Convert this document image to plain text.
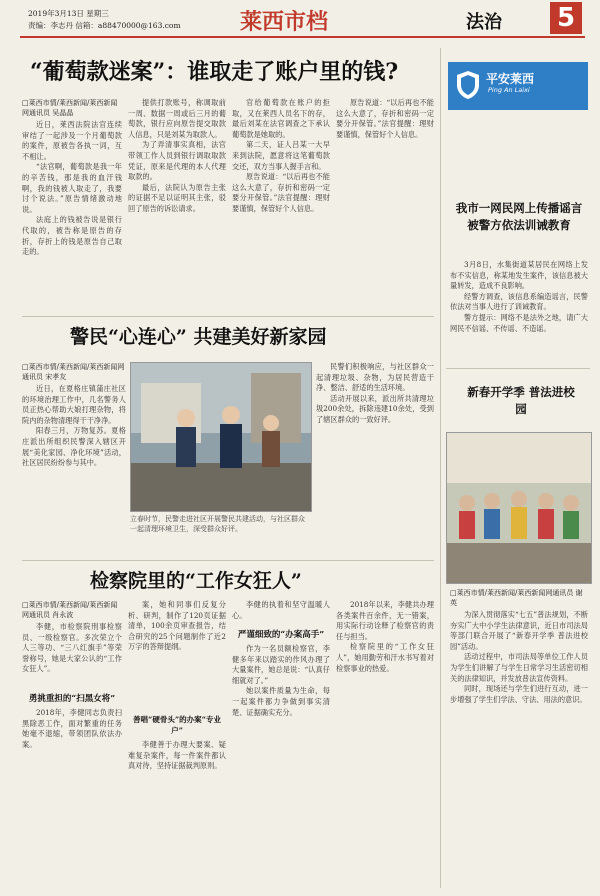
2019年3月13日 星期三
责编：李志丹 信箱：a88470000@163.com	莱西市档	法治 5
“葡萄款迷案”：谁取走了账户里的钱?
□莱西市情/莱西新闻/莱西新闻网通讯员 吴晶晶

近日，莱西法院法官连续审结了一起涉及一个月葡萄款的案件，原被告各执一词，互不相让。

“法官啊，葡萄款是我一年的辛苦钱，那是我的血汗钱啊，我的钱被人取走了，我要讨个说法。”原告情绪激动地说。

法庭上的钱被告说是银行代取的，被告称是原告的存折，存折上的钱是原告自己取走的。

提供打款账号，称调取前一周、数据一周或后三月的葡萄款，银行应向原告提交取款人信息，只是刘某为取款人。

为了弄清事实真相，法官带领工作人员到银行调取取款凭证，原来是代理的本人代理取款的。

最后，法院认为原告主张的证据不足以证明其主张，驳回了原告的诉讼请求。

官给葡萄款在账户的拒取，又在莱西人员名下的存，最后刘某在法官调查之下承认葡萄款是她取的。

第二天，证人吕某一大早来到法院，愿意将这笔葡萄款交还，双方当事人握手言和。

原告说道：“以后再也不能这么大意了，存折和密码一定要分开保管。”法官提醒：理财要谨慎，保管好个人信息。

原告说道：“以后再也不能这么大意了，存折和密码一定要分开保管。”法官提醒：理财要谨慎，保管好个人信息。

警民“心连心” 共建美好新家园
□莱西市情/莱西新闻/莱西新闻网通讯员 宋孝友

近日，在夏格庄镇蒲庄社区的环境治理工作中，几名警务人员正热心帮助大娘打理杂物，将院内的杂物清理得干干净净。

阳春三月，万物复苏。夏格庄派出所组织民警深入辖区开展“美化家园、净化环境”活动，社区居民纷纷参与其中。

立春时节，民警走进社区开展警民共建活动，与社区群众一起清理环境卫生，深受群众好评。

民警们积极响应，与社区群众一起清理垃圾、杂物，为居民营造干净、整洁、舒适的生活环境。

活动开展以来，派出所共清理垃圾200余处，拆除违建10余处，受到了辖区群众的一致好评。

检察院里的“工作女狂人”
□莱西市情/莱西新闻/莱西新闻网通讯员 肖永波

李健，市检察院刑事检察员、一级检察官。多次荣立个人三等功、“三八红旗手”等荣誉称号，她是大家公认的“工作女狂人”。

勇挑重担的“扫黑女将”

2018年，李健同志负责扫黑除恶工作，面对繁重的任务她毫不退缩，带领团队依法办案。

案，她和同事们反复分析、研判，制作了120页证据清单，100余页审查报告，结合研究的25个问题制作了近2万字的答辩提纲。

善唱“硬骨头”的办案“专业户”

李健善于办理大要案、疑难复杂案件，每一件案件都认真对待，坚持证据裁判原则。

李健的执着和坚守温暖人心。

严谨细致的“办案高手”

作为一名员额检察官，李健多年来以踏实的作风办理了大量案件，她总是说：“认真仔细就对了。”

她以案件质量为生命，每一起案件都力争做到事实清楚、证据确实充分。

2018年以来，李健共办理各类案件百余件，无一错案，用实际行动诠释了检察官的责任与担当。

检察院里的“工作女狂人”，她用勤劳和汗水书写着对检察事业的热爱。

平安莱西
Ping An Laixi
我市一网民网上传播谣言被警方依法训诫教育

3月8日，水集街道某居民在网络上发布不实信息，称某地发生案件，该信息被大量转发，造成不良影响。

经警方调查，该信息系编造谣言，民警依法对当事人进行了训诫教育。

警方提示：网络不是法外之地，请广大网民不信谣、不传谣、不造谣。

新春开学季 普法进校园
□莱西市情/莱西新闻/莱西新闻网通讯员 谢英

为深入贯彻落实“七五”普法规划，不断夯实广大中小学生法律意识，近日市司法局等部门联合开展了“新春开学季 普法进校园”活动。

活动过程中，市司法局等单位工作人员为学生们讲解了与学生日常学习生活密切相关的法律知识，并发放普法宣传资料。

同时，现场还与学生们进行互动，进一步增强了学生们学法、守法、用法的意识。
